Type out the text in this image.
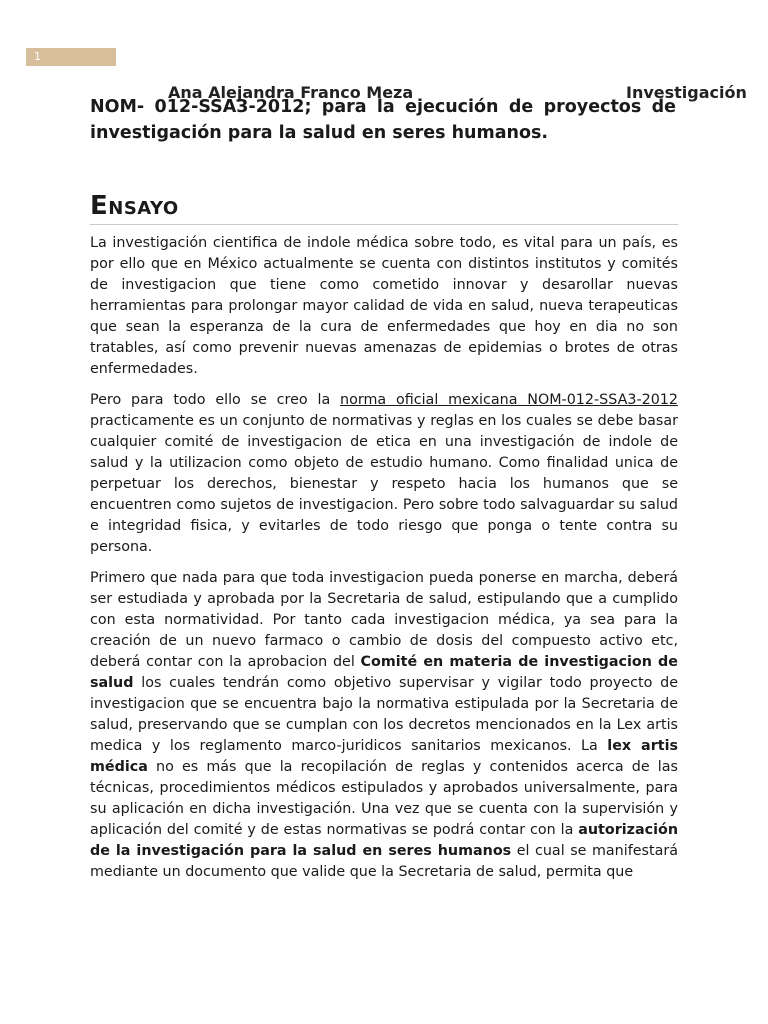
1
Ana Alejandra Franco Meza	Investigación
NOM- 012-SSA3-2012; para la ejecución de proyectos de investigación para la salud en seres humanos.
Ensayo

La investigación cientifica de indole médica sobre todo, es vital para un país, es por ello que en México actualmente se cuenta con distintos institutos y comités de investigacion que tiene como cometido innovar y desarollar nuevas herramientas para prolongar mayor calidad de vida en salud, nueva terapeuticas que sean la esperanza de la cura de enfermedades que hoy en dia no son tratables, así como prevenir nuevas amenazas de epidemias o brotes de otras enfermedades.

Pero para todo ello se creo la norma oficial mexicana NOM-012-SSA3-2012 practicamente es un conjunto de normativas y reglas en los cuales se debe basar cualquier comité de investigacion de etica en una investigación de indole de salud y la utilizacion como objeto de estudio humano. Como finalidad unica de perpetuar los derechos, bienestar y respeto hacia los humanos que se encuentren como sujetos de investigacion. Pero sobre todo salvaguardar su salud e integridad fisica, y evitarles de todo riesgo que ponga o tente contra su persona.

Primero que nada para que toda investigacion pueda ponerse en marcha, deberá ser estudiada y aprobada por la Secretaria de salud, estipulando que a cumplido con esta normatividad. Por tanto cada investigacion médica, ya sea para la creación de un nuevo farmaco o cambio de dosis del compuesto activo etc, deberá contar con la aprobacion del Comité en materia de investigacion de salud los cuales tendrán como objetivo supervisar y vigilar todo proyecto de investigacion que se encuentra bajo la normativa estipulada por la Secretaria de salud, preservando que se cumplan con los decretos mencionados en la Lex artis medica y los reglamento marco-juridicos sanitarios mexicanos. La lex artis médica no es más que la recopilación de reglas y contenidos acerca de las técnicas, procedimientos médicos estipulados y aprobados universalmente, para su aplicación en dicha investigación. Una vez que se cuenta con la supervisión y aplicación del comité y de estas normativas se podrá contar con la autorización de la investigación para la salud en seres humanos el cual se manifestará mediante un documento que valide que la Secretaria de salud, permita que
